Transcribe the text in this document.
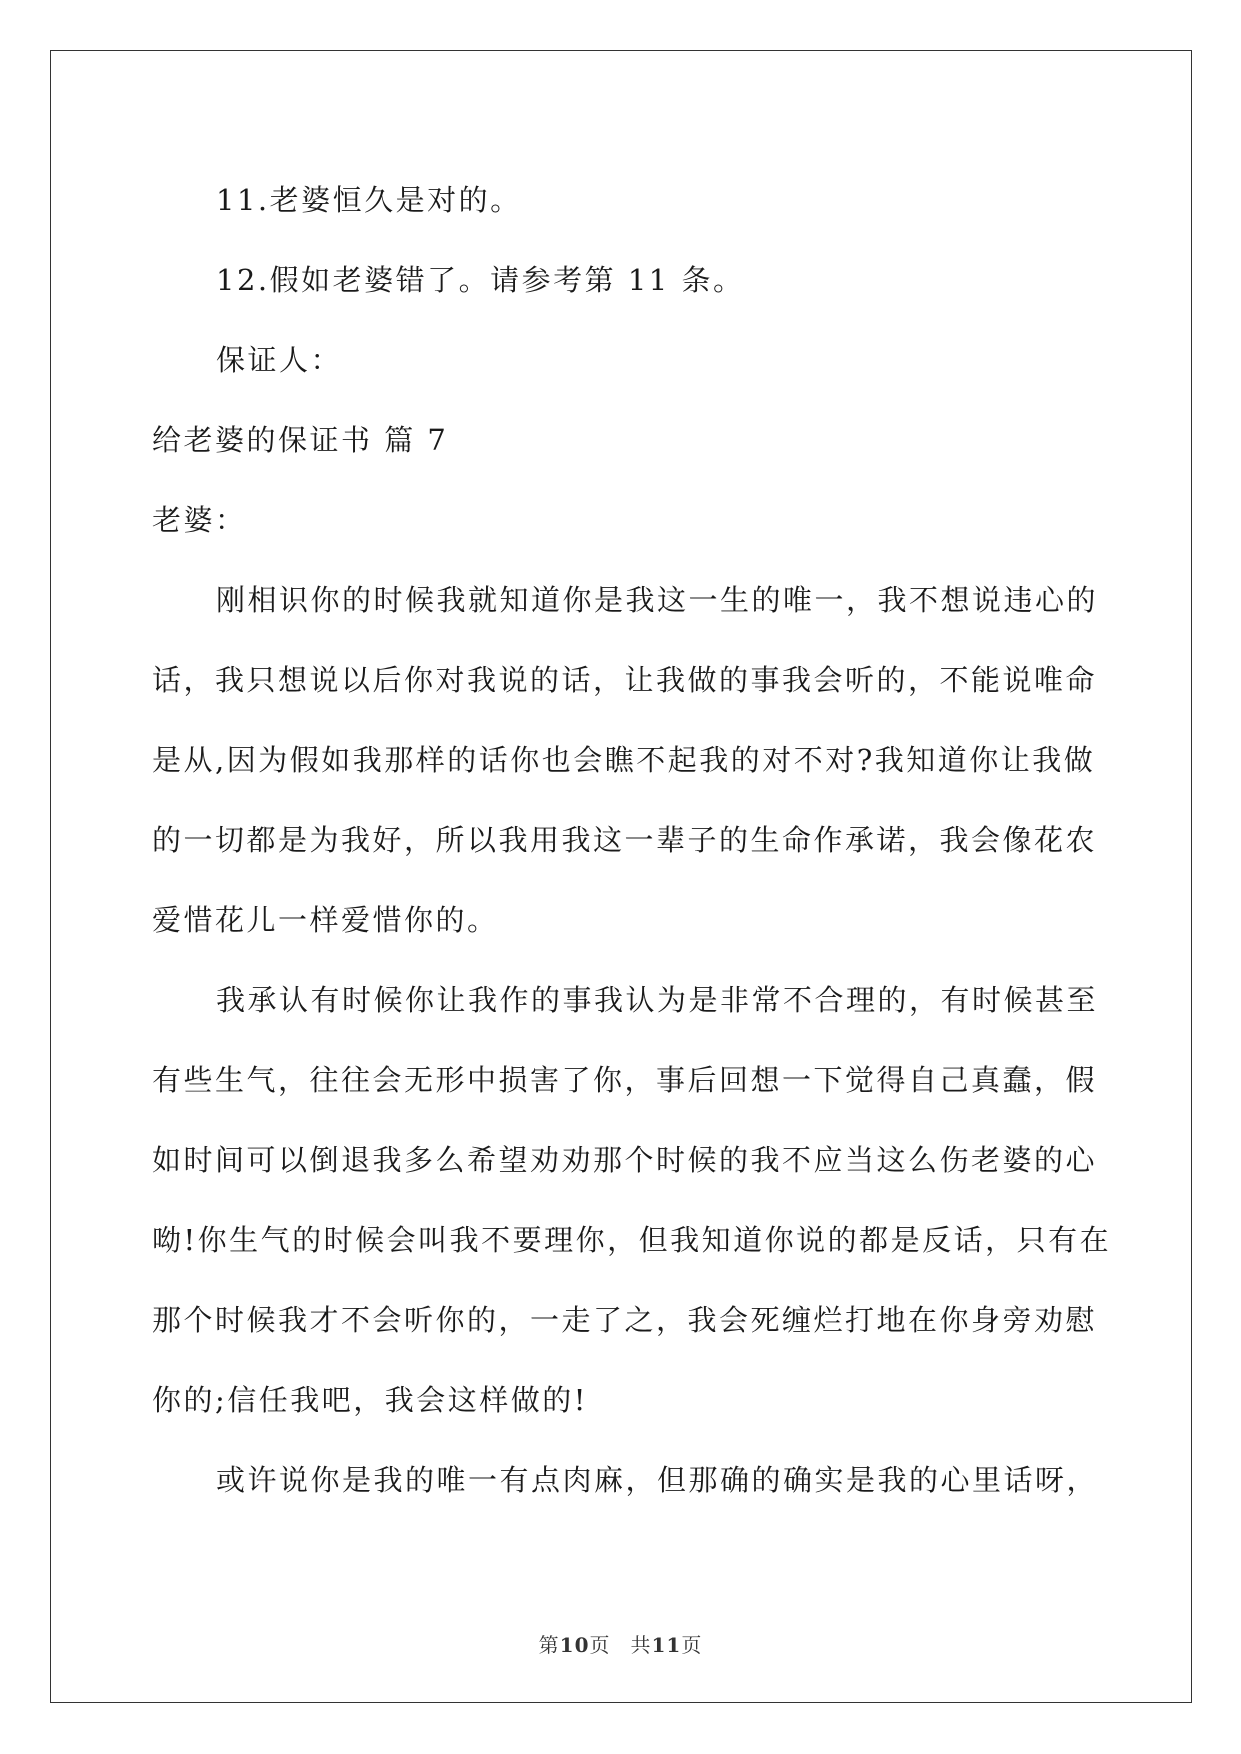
11.老婆恒久是对的。
12.假如老婆错了。请参考第 11 条。
保证人：
给老婆的保证书 篇 7
老婆：
刚相识你的时候我就知道你是我这一生的唯一，我不想说违心的
话，我只想说以后你对我说的话，让我做的事我会听的，不能说唯命
是从,因为假如我那样的话你也会瞧不起我的对不对?我知道你让我做
的一切都是为我好，所以我用我这一辈子的生命作承诺，我会像花农
爱惜花儿一样爱惜你的。
我承认有时候你让我作的事我认为是非常不合理的，有时候甚至
有些生气，往往会无形中损害了你，事后回想一下觉得自己真蠢，假
如时间可以倒退我多么希望劝劝那个时候的我不应当这么伤老婆的心
呦!你生气的时候会叫我不要理你，但我知道你说的都是反话，只有在
那个时候我才不会听你的，一走了之，我会死缠烂打地在你身旁劝慰
你的;信任我吧，我会这样做的!
或许说你是我的唯一有点肉麻，但那确的确实是我的心里话呀，
第10页 共11页
